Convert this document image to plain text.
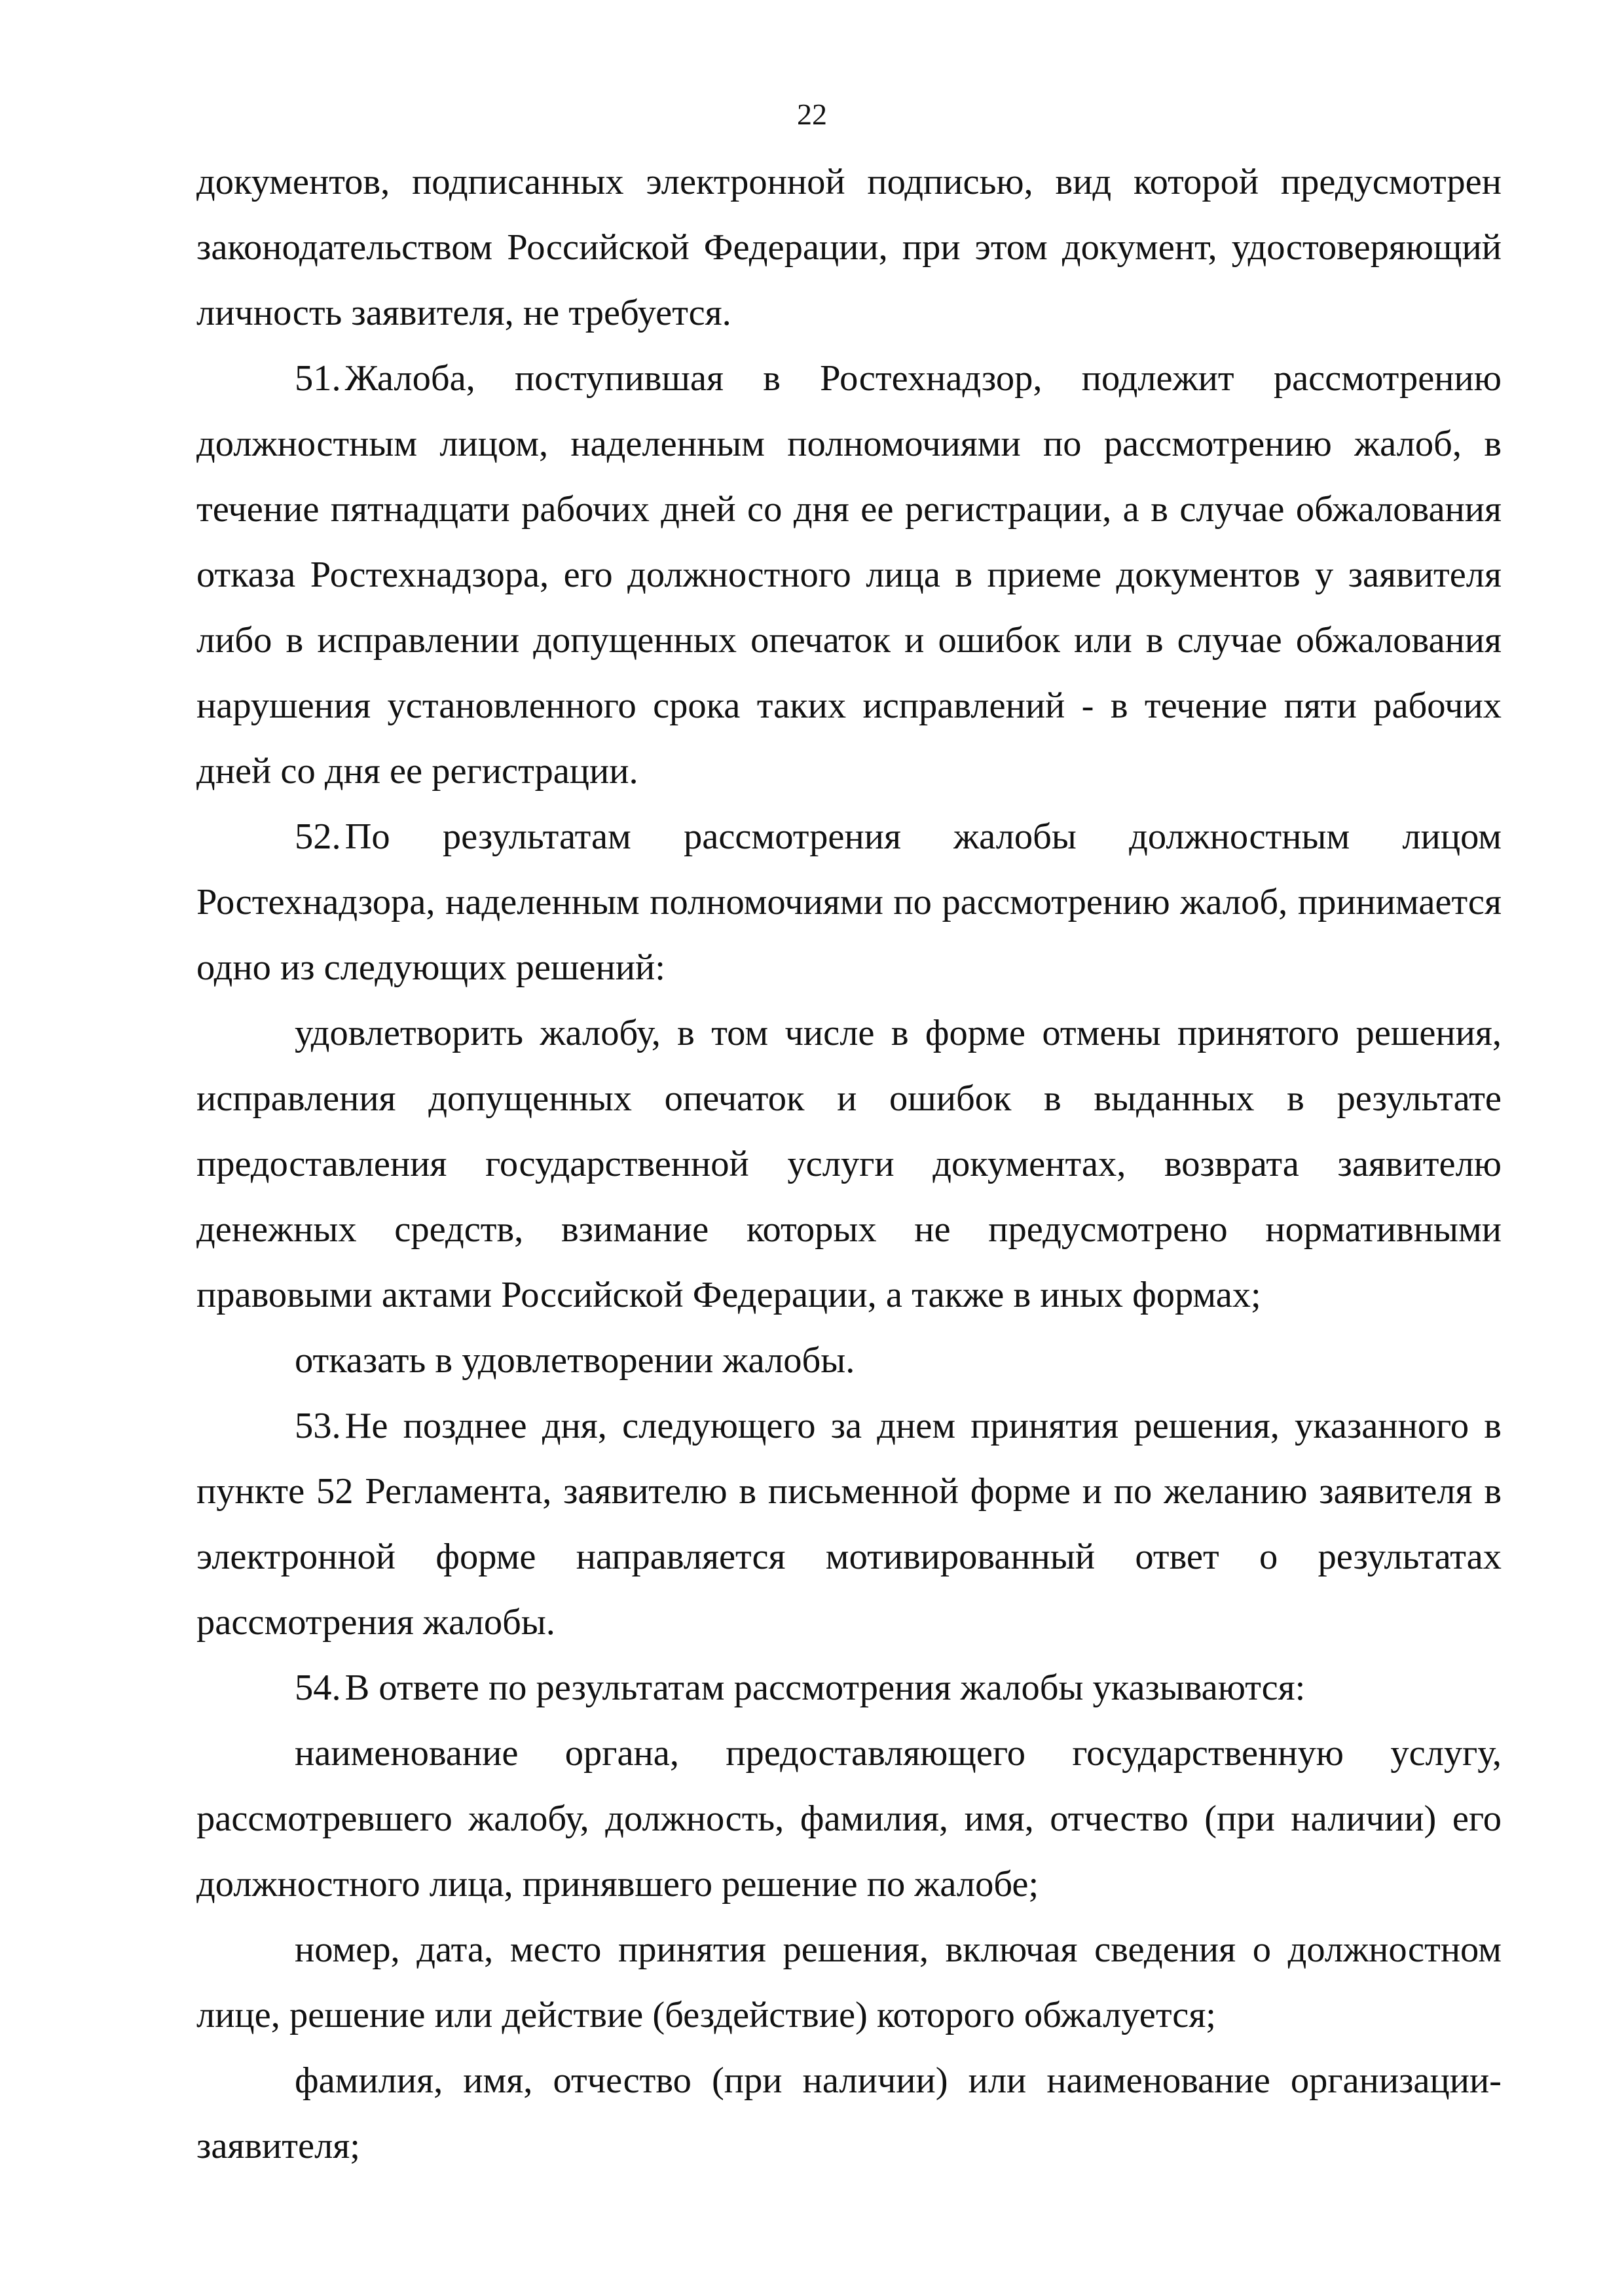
22

документов, подписанных электронной подписью, вид которой предусмотрен законодательством Российской Федерации, при этом документ, удостоверяющий личность заявителя, не требуется.

51. Жалоба, поступившая в Ростехнадзор, подлежит рассмотрению должностным лицом, наделенным полномочиями по рассмотрению жалоб, в течение пятнадцати рабочих дней со дня ее регистрации, а в случае обжалования отказа Ростехнадзора, его должностного лица в приеме документов у заявителя либо в исправлении допущенных опечаток и ошибок или в случае обжалования нарушения установленного срока таких исправлений - в течение пяти рабочих дней со дня ее регистрации.

52. По результатам рассмотрения жалобы должностным лицом Ростехнадзора, наделенным полномочиями по рассмотрению жалоб, принимается одно из следующих решений:

удовлетворить жалобу, в том числе в форме отмены принятого решения, исправления допущенных опечаток и ошибок в выданных в результате предоставления государственной услуги документах, возврата заявителю денежных средств, взимание которых не предусмотрено нормативными правовыми актами Российской Федерации, а также в иных формах;

отказать в удовлетворении жалобы.

53. Не позднее дня, следующего за днем принятия решения, указанного в пункте 52 Регламента, заявителю в письменной форме и по желанию заявителя в электронной форме направляется мотивированный ответ о результатах рассмотрения жалобы.

54. В ответе по результатам рассмотрения жалобы указываются:

наименование органа, предоставляющего государственную услугу, рассмотревшего жалобу, должность, фамилия, имя, отчество (при наличии) его должностного лица, принявшего решение по жалобе;

номер, дата, место принятия решения, включая сведения о должностном лице, решение или действие (бездействие) которого обжалуется;

фамилия, имя, отчество (при наличии) или наименование организации-заявителя;
